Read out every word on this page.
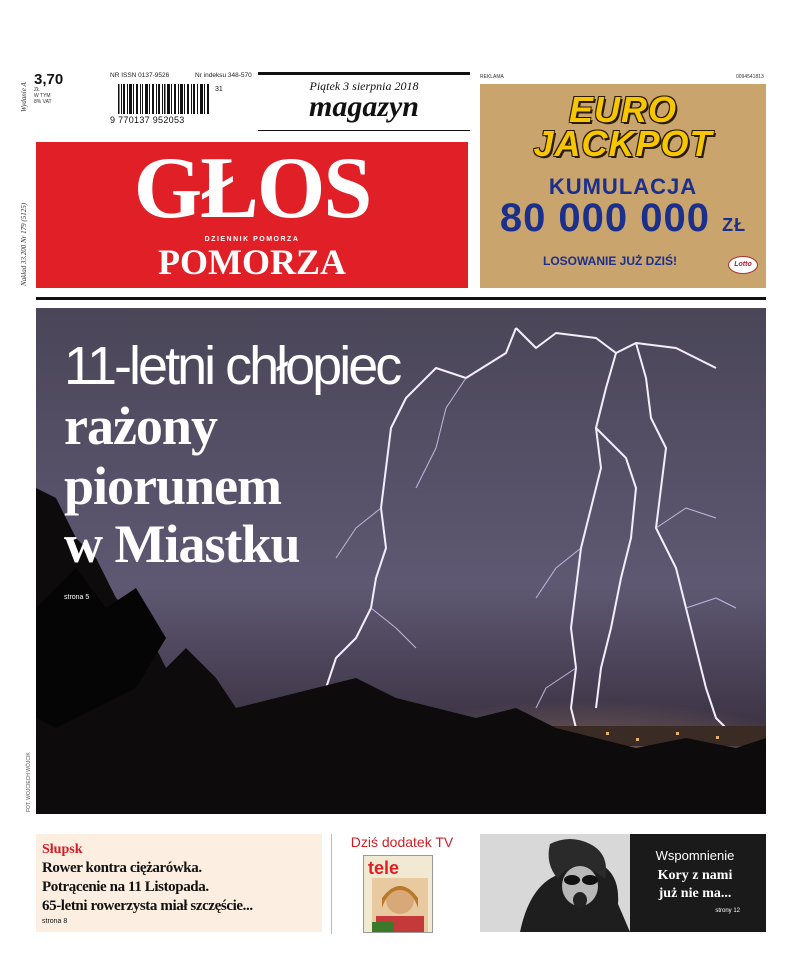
Wydanie A
Nakład 33.200 Nr 179 (5125)
3,70
ZŁ
W TYM
8% VAT
NR ISSN 0137-9526	Nr indeksu 348-570
9 770137 952053
31	Piątek 3 sierpnia 2018
magazyn
GŁOS
DZIENNIK POMORZA
POMORZA
REKLAMA	0094541813
EURO
JACKPOT
KUMULACJA
80 000 000 ZŁ
LOSOWANIE JUŻ DZIŚ!	Lotto
11-letni chłopiec
rażony
piorunem
w Miastku
strona 5
FOT. WOJCIECH WÓJCIK
Słupsk
Rower kontra ciężarówka.
Potrącenie na 11 Listopada.
65-letni rowerzysta miał szczęście...
strona 8
Dziś dodatek TV
tele
Wspomnienie
Kory z nami
już nie ma...
strony 12
